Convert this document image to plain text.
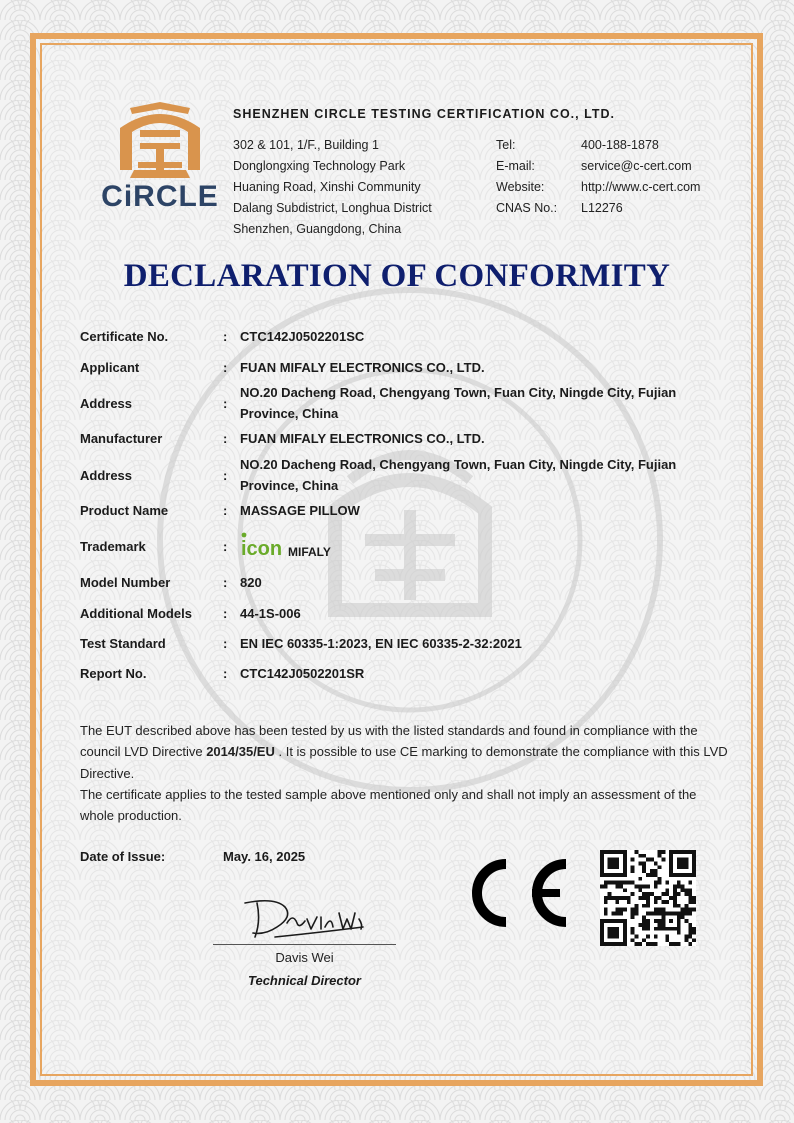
CiRCLE
SHENZHEN CIRCLE TESTING CERTIFICATION CO., LTD.
302 & 101, 1/F., Building 1
Donglongxing Technology Park
Huaning Road, Xinshi Community
Dalang Subdistrict, Longhua District
Shenzhen, Guangdong, China
Tel:	400-188-1878
E-mail:	service@c-cert.com
Website:	http://www.c-cert.com
CNAS No.:	L12276
DECLARATION OF CONFORMITY
Certificate No.	: CTC142J0502201SC
Applicant	: FUAN MIFALY ELECTRONICS CO., LTD.
Address	:
NO.20 Dacheng Road, Chengyang Town, Fuan City, Ningde City, Fujian Province, China
Manufacturer	: FUAN MIFALY ELECTRONICS CO., LTD.
Address	:
NO.20 Dacheng Road, Chengyang Town, Fuan City, Ningde City, Fujian Province, China
Product Name	: MASSAGE PILLOW
Trademark	: icon MIFALY
Model Number	: 820
Additional Models	: 44-1S-006
Test Standard	: EN IEC 60335-1:2023, EN IEC 60335-2-32:2021
Report No.	: CTC142J0502201SR

The EUT described above has been tested by us with the listed standards and found in compliance with the council LVD Directive 2014/35/EU . It is possible to use CE marking to demonstrate the compliance with this LVD Directive.

The certificate applies to the tested sample above mentioned only and shall not imply an assessment of the whole production.

Date of Issue:	May. 16, 2025
Davis Wei
Technical Director
